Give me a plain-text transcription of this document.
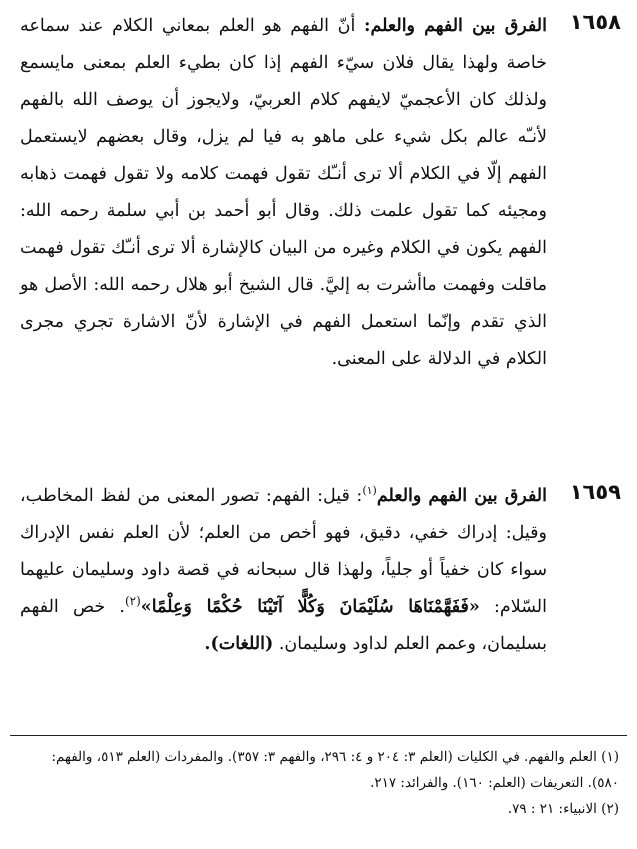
١٦٥٨
الفرق بين الفهم والعلم: أنّ الفهم هو العلم بمعاني الكلام عند سماعه خاصة ولهذا يقال فلان سيّء الفهم إذا كان بطيء العلم بمعنى مايسمع ولذلك كان الأعجميّ لايفهم كلام العربيّ، ولايجوز أن يوصف الله بالفهم لأنـّه عالم بكل شيء على ماهو به فيا لم يزل، وقال بعضهم لايستعمل الفهم إلّا في الكلام ألا ترى أنـّك تقول فهمت كلامه ولا تقول فهمت ذهابه ومجيئه كما تقول علمت ذلك. وقال أبو أحمد بن أبي سلمة رحمه الله: الفهم يكون في الكلام وغيره من البيان كالإشارة ألا ترى أنـّك تقول فهمت ماقلت وفهمت ماأشرت به إليَّ. قال الشيخ أبو هلال رحمه الله: الأصل هو الذي تقدم وإنّما استعمل الفهم في الإشارة لأنّ الاشارة تجري مجرى الكلام في الدلالة على المعنى.
١٦٥٩
الفرق بين الفهم والعلم$^{(١)}$: قيل: الفهم: تصور المعنى من لفظ المخاطب، وقيل: إدراك خفي، دقيق، فهو أخص من العلم؛ لأن العلم نفس الإدراك سواء كان خفياً أو جلياً، ولهذا قال سبحانه في قصة داود وسليمان عليهما السّلام: «فَفَهَّمْنَاهَا سُلَيْمَانَ وَكُلًّا آتَيْنَا حُكْمًا وَعِلْمًا»$^{(٢)}$. خص الفهم بسليمان، وعمم العلم لداود وسليمان. (اللغات).
(١) العلم والفهم. في الكليات (العلم ٣: ٢٠٤ و ٤: ٢٩٦، والفهم ٣: ٣٥٧). والمفردات (العلم ٥١٣، والفهم: ٥٨٠). التعريفات (العلم: ١٦٠). والفرائد: ٢١٧.
(٢) الانبياء: ٢١ : ٧٩.
